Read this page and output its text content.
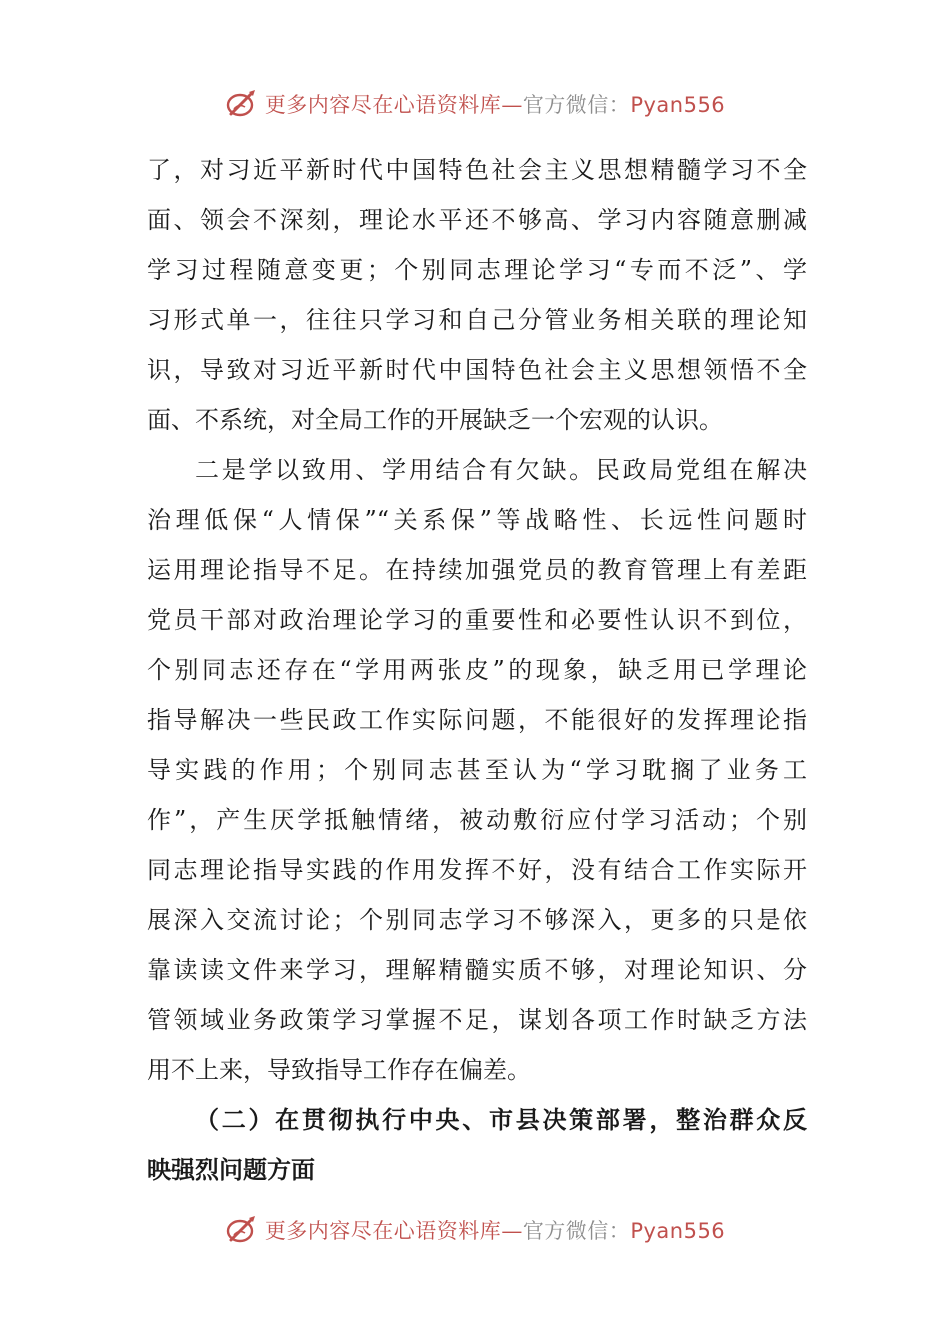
更多内容尽在心语资料库—官方微信：Pyan556
了，对习近平新时代中国特色社会主义思想精髓学习不全
面、领会不深刻，理论水平还不够高、学习内容随意删减
学习过程随意变更；个别同志理论学习“专而不泛”、学
习形式单一，往往只学习和自己分管业务相关联的理论知
识，导致对习近平新时代中国特色社会主义思想领悟不全
面、不系统，对全局工作的开展缺乏一个宏观的认识。
二是学以致用、学用结合有欠缺。民政局党组在解决
治理低保“人情保”“关系保”等战略性、长远性问题时
运用理论指导不足。在持续加强党员的教育管理上有差距
党员干部对政治理论学习的重要性和必要性认识不到位，
个别同志还存在“学用两张皮”的现象，缺乏用已学理论
指导解决一些民政工作实际问题，不能很好的发挥理论指
导实践的作用；个别同志甚至认为“学习耽搁了业务工
作”，产生厌学抵触情绪，被动敷衍应付学习活动；个别
同志理论指导实践的作用发挥不好，没有结合工作实际开
展深入交流讨论；个别同志学习不够深入，更多的只是依
靠读读文件来学习，理解精髓实质不够，对理论知识、分
管领域业务政策学习掌握不足，谋划各项工作时缺乏方法
用不上来，导致指导工作存在偏差。
（二）在贯彻执行中央、市县决策部署，整治群众反
映强烈问题方面
更多内容尽在心语资料库—官方微信：Pyan556
